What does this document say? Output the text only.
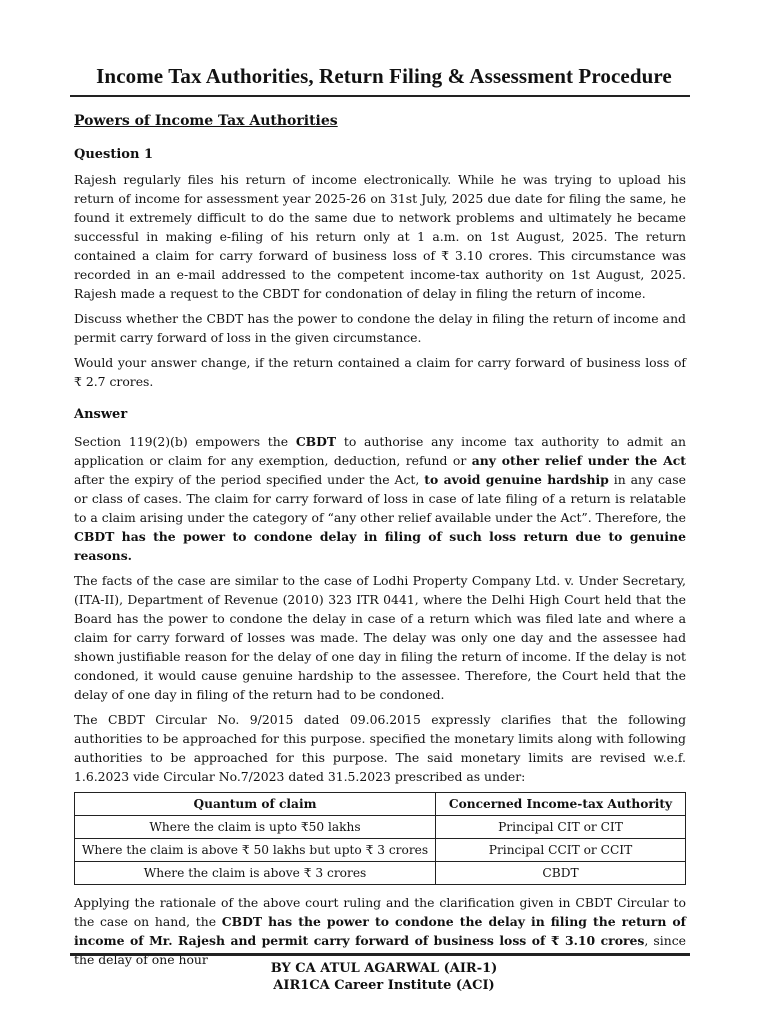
Income Tax Authorities, Return Filing & Assessment Procedure
Powers of Income Tax Authorities
Question 1

Rajesh regularly files his return of income electronically. While he was trying to upload his return of income for assessment year 2025-26 on 31st July, 2025 due date for filing the same, he found it extremely difficult to do the same due to network problems and ultimately he became successful in making e-filing of his return only at 1 a.m. on 1st August, 2025. The return contained a claim for carry forward of business loss of ₹ 3.10 crores. This circumstance was recorded in an e-mail addressed to the competent income-tax authority on 1st August, 2025. Rajesh made a request to the CBDT for condonation of delay in filing the return of income.

Discuss whether the CBDT has the power to condone the delay in filing the return of income and permit carry forward of loss in the given circumstance.

Would your answer change, if the return contained a claim for carry forward of business loss of ₹ 2.7 crores.

Answer

Section 119(2)(b) empowers the CBDT to authorise any income tax authority to admit an application or claim for any exemption, deduction, refund or any other relief under the Act after the expiry of the period specified under the Act, to avoid genuine hardship in any case or class of cases. The claim for carry forward of loss in case of late filing of a return is relatable to a claim arising under the category of “any other relief available under the Act”. Therefore, the CBDT has the power to condone delay in filing of such loss return due to genuine reasons.

The facts of the case are similar to the case of Lodhi Property Company Ltd. v. Under Secretary, (ITA-II), Department of Revenue (2010) 323 ITR 0441, where the Delhi High Court held that the Board has the power to condone the delay in case of a return which was filed late and where a claim for carry forward of losses was made. The delay was only one day and the assessee had shown justifiable reason for the delay of one day in filing the return of income. If the delay is not condoned, it would cause genuine hardship to the assessee. Therefore, the Court held that the delay of one day in filing of the return had to be condoned.

The CBDT Circular No. 9/2015 dated 09.06.2015 expressly clarifies that the following authorities to be approached for this purpose. specified the monetary limits along with following authorities to be approached for this purpose. The said monetary limits are revised w.e.f. 1.6.2023 vide Circular No.7/2023 dated 31.5.2023 prescribed as under:

Quantum of claim	Concerned Income-tax Authority
Where the claim is upto ₹50 lakhs	Principal CIT or CIT
Where the claim is above ₹ 50 lakhs but upto ₹ 3 crores	Principal CCIT or CCIT
Where the claim is above ₹ 3 crores	CBDT

Applying the rationale of the above court ruling and the clarification given in CBDT Circular to the case on hand, the CBDT has the power to condone the delay in filing the return of income of Mr. Rajesh and permit carry forward of business loss of ₹ 3.10 crores, since the delay of one hour

BY CA ATUL AGARWAL (AIR-1)
AIR1CA Career Institute (ACI)
